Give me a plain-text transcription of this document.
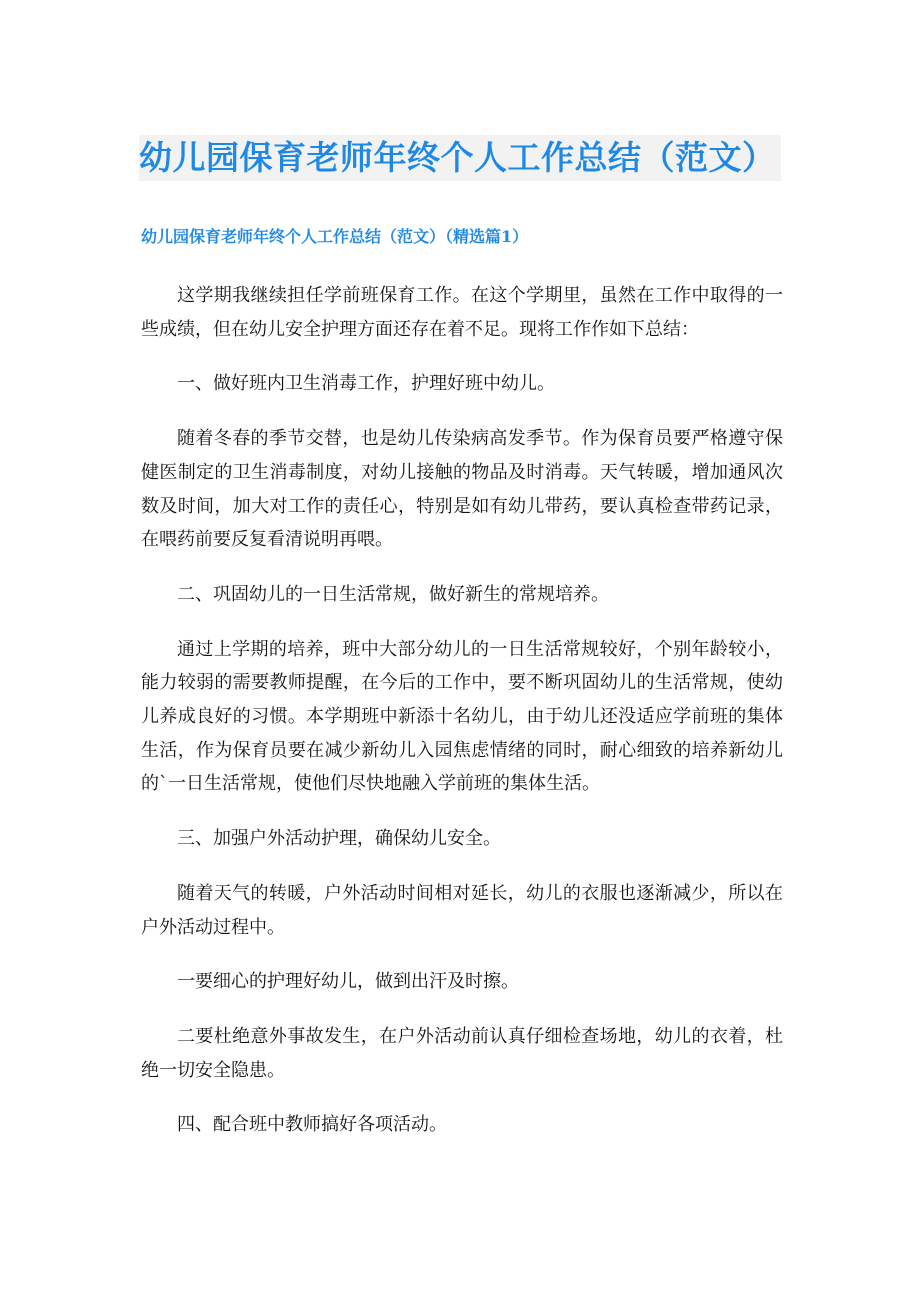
幼儿园保育老师年终个人工作总结（范文）
幼儿园保育老师年终个人工作总结（范文）（精选篇1）

这学期我继续担任学前班保育工作。在这个学期里，虽然在工作中取得的一些成绩，但在幼儿安全护理方面还存在着不足。现将工作作如下总结：

一、做好班内卫生消毒工作，护理好班中幼儿。

随着冬春的季节交替，也是幼儿传染病高发季节。作为保育员要严格遵守保健医制定的卫生消毒制度，对幼儿接触的物品及时消毒。天气转暖，增加通风次数及时间，加大对工作的责任心，特别是如有幼儿带药，要认真检查带药记录，在喂药前要反复看清说明再喂。

二、巩固幼儿的一日生活常规，做好新生的常规培养。

通过上学期的培养，班中大部分幼儿的一日生活常规较好，个别年龄较小，能力较弱的需要教师提醒，在今后的工作中，要不断巩固幼儿的生活常规，使幼儿养成良好的习惯。本学期班中新添十名幼儿，由于幼儿还没适应学前班的集体生活，作为保育员要在减少新幼儿入园焦虑情绪的同时，耐心细致的培养新幼儿的`一日生活常规，使他们尽快地融入学前班的集体生活。

三、加强户外活动护理，确保幼儿安全。

随着天气的转暖，户外活动时间相对延长，幼儿的衣服也逐渐减少，所以在户外活动过程中。

一要细心的护理好幼儿，做到出汗及时擦。

二要杜绝意外事故发生，在户外活动前认真仔细检查场地，幼儿的衣着，杜绝一切安全隐患。

四、配合班中教师搞好各项活动。
